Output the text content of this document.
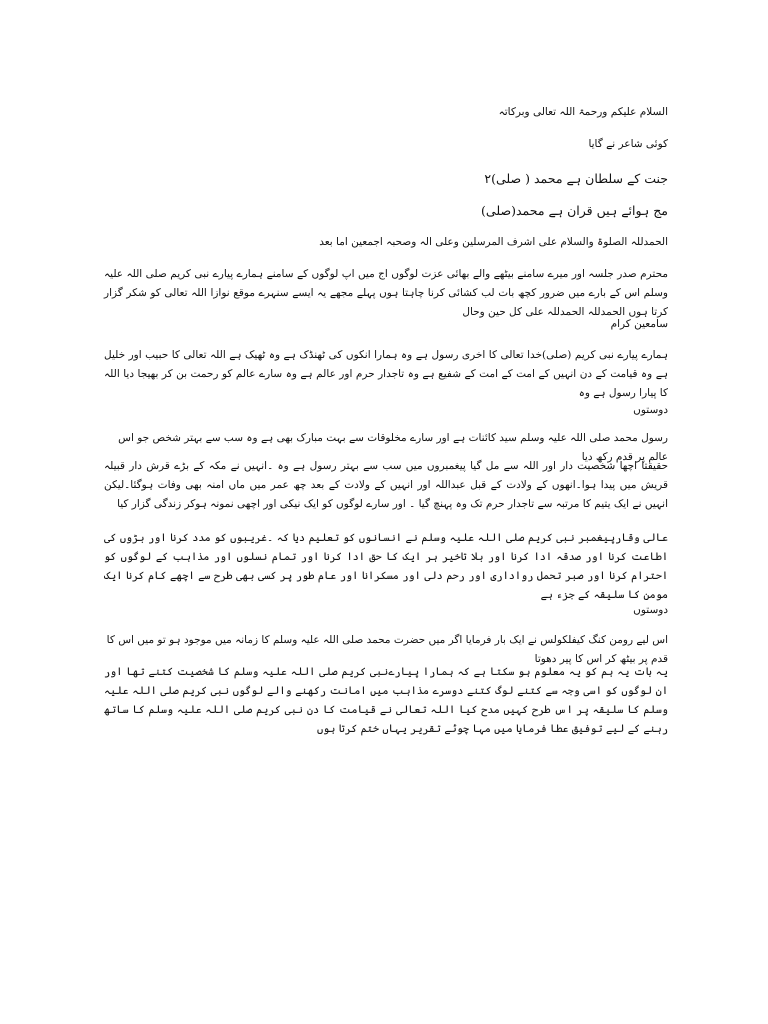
السلام علیکم ورحمۃ اللہ تعالی وبرکاتہ

کوئی شاعر نے گایا

جنت کے سلطان ہے محمد ( صلی)٢

مج ہوائے ہیں قران ہے محمد(صلی)

الحمدللہ الصلوۃ والسلام علی اشرف المرسلین وعلی الہ وصحبہ اجمعین اما بعد

محترم صدر جلسہ اور میرے سامنے بیٹھے والے بھائی عزت لوگوں اج میں اپ لوگوں کے سامنے ہمارے پیارے نبی کریم صلی اللہ علیہ وسلم اس کے بارے میں ضرور کچھ بات لب کشائی کرنا چاہتا ہوں پہلے مجھے یہ ایسے سنہرے موقع نوازا اللہ تعالی کو شکر گزار کرتا ہوں الحمدللہ الحمدللہ علی کل حین وحال

سامعین کرام

ہمارے پیارے نبی کریم (صلی)خدا تعالی کا اخری رسول ہے وہ ہمارا انکوں کی ٹھنڈک ہے وہ ٹھیک ہے اللہ تعالی کا حبیب اور خلیل ہے وہ قیامت کے دن انہیں کے امت کے امت کے شفیع ہے وہ تاجدار حرم اور عالم ہے وہ سارے عالم کو رحمت بن کر بھیجا دیا اللہ کا پیارا رسول ہے وہ

دوستوں

رسول محمد صلی اللہ علیہ وسلم سید کائنات ہے اور سارے مخلوقات سے بہت مبارک بھی ہے وہ سب سے بہتر شخص جو اس عالم پر قدم رکھ دیا

حقیقتا اچھا شخصیت دار اور اللہ سے مل گیا پیغمبروں میں سب سے بہتر رسول ہے وہ ۔انہیں نے مکہ کے بڑے قرش دار قبیلہ قریش میں پیدا ہوا۔انھوں کے ولادت کے قبل عبداللہ اور انہیں کے ولادت کے بعد چھ عمر میں ماں امنہ بھی وفات ہوگئا۔لیکن انہیں نے ایک یتیم کا مرتبہ سے تاجدار حرم تک وہ پہنچ گیا ۔ اور سارے لوگوں کو ایک نیکی اور اچھی نمونہ ہوکر زندگی گزار کیا

عالی وقارپیغمبر نبی کریم صلی اللہ علیہ وسلم نے انسانوں کو تعلیم دیا کہ ۔غریبوں کو مدد کرنا اور بڑوں کی اطاعت کرنا اور صدقہ ادا کرنا اور بلا تاخیر ہر ایک کا حق ادا کرنا اور تمام نسلوں اور مذاہب کے لوگوں کو احترام کرنا اور صبر تحمل رواداری اور رحم دلی اور مسکرانا اور عام طور پر کسی بھی طرح سے اچھے کام کرنا ایک مومن کا سلیقہ کے جزء ہے

دوستوں

اس لیے رومن کنگ کیفلکولس نے ایک بار فرمایا اگر میں حضرت محمد صلی اللہ علیہ وسلم کا زمانہ میں موجود ہو تو میں اس کا قدم پر بیٹھ کر اس کا پیر دھوتا

یہ بات یہ ہم کو یہ معلوم ہو سکتا ہے کہ ہمارا پیارےنبی کریم صلی اللہ علیہ وسلم کا شخصیت کتنے تھا اور ان لوگوں کو اسی وجہ سے کتنے لوگ کتنے دوسرے مذاہب میں امانت رکھنے والے لوگوں نبی کریم صلی اللہ علیہ وسلم کا سلیقہ پر اس طرح کہیں مدح کیا اللہ تعالی نے قیامت کا دن نبی کریم صلی اللہ علیہ وسلم کا ساتھ رہنے کے لیے توفیق عطا فرمایا میں مہا چوٹے تقریر یہاں ختم کرتا ہوں
